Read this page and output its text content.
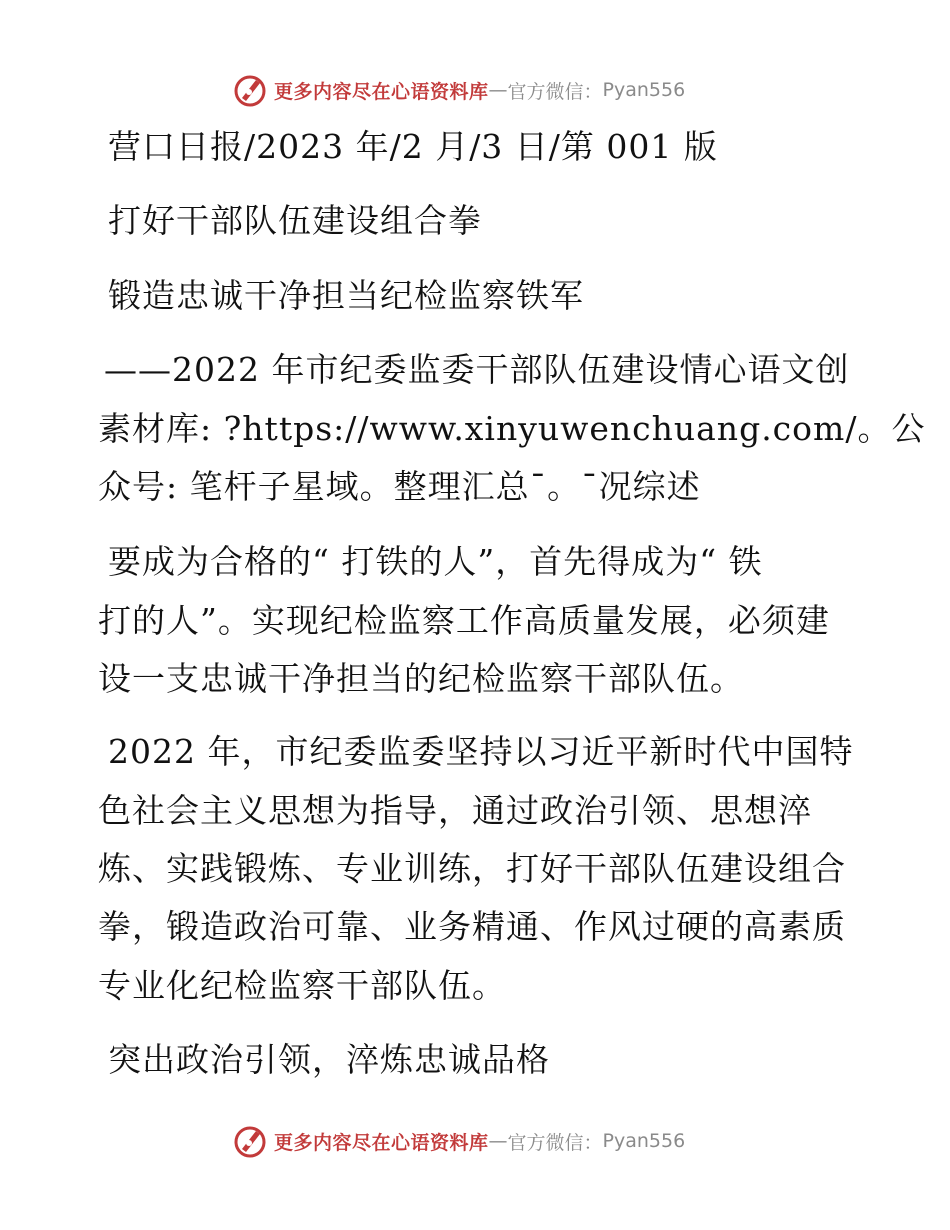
更多内容尽在心语资料库 — 官方微信： Pyan556
营口日报/2023 年/2 月/3 日/第 001 版
打好干部队伍建设组合拳
锻造忠诚干净担当纪检监察铁军
——2022 年市纪委监委干部队伍建设情心语文创
素材库: ?https://www.xinyuwenchuang.com/。公
众号: 笔杆子星域。整理汇总¯。¯况综述
要成为合格的“ 打铁的人”，首先得成为“ 铁
打的人”。实现纪检监察工作高质量发展，必须建
设一支忠诚干净担当的纪检监察干部队伍。
2022 年，市纪委监委坚持以习近平新时代中国特
色社会主义思想为指导，通过政治引领、思想淬
炼、实践锻炼、专业训练，打好干部队伍建设组合
拳，锻造政治可靠、业务精通、作风过硬的高素质
专业化纪检监察干部队伍。
突出政治引领，淬炼忠诚品格
更多内容尽在心语资料库 — 官方微信： Pyan556
